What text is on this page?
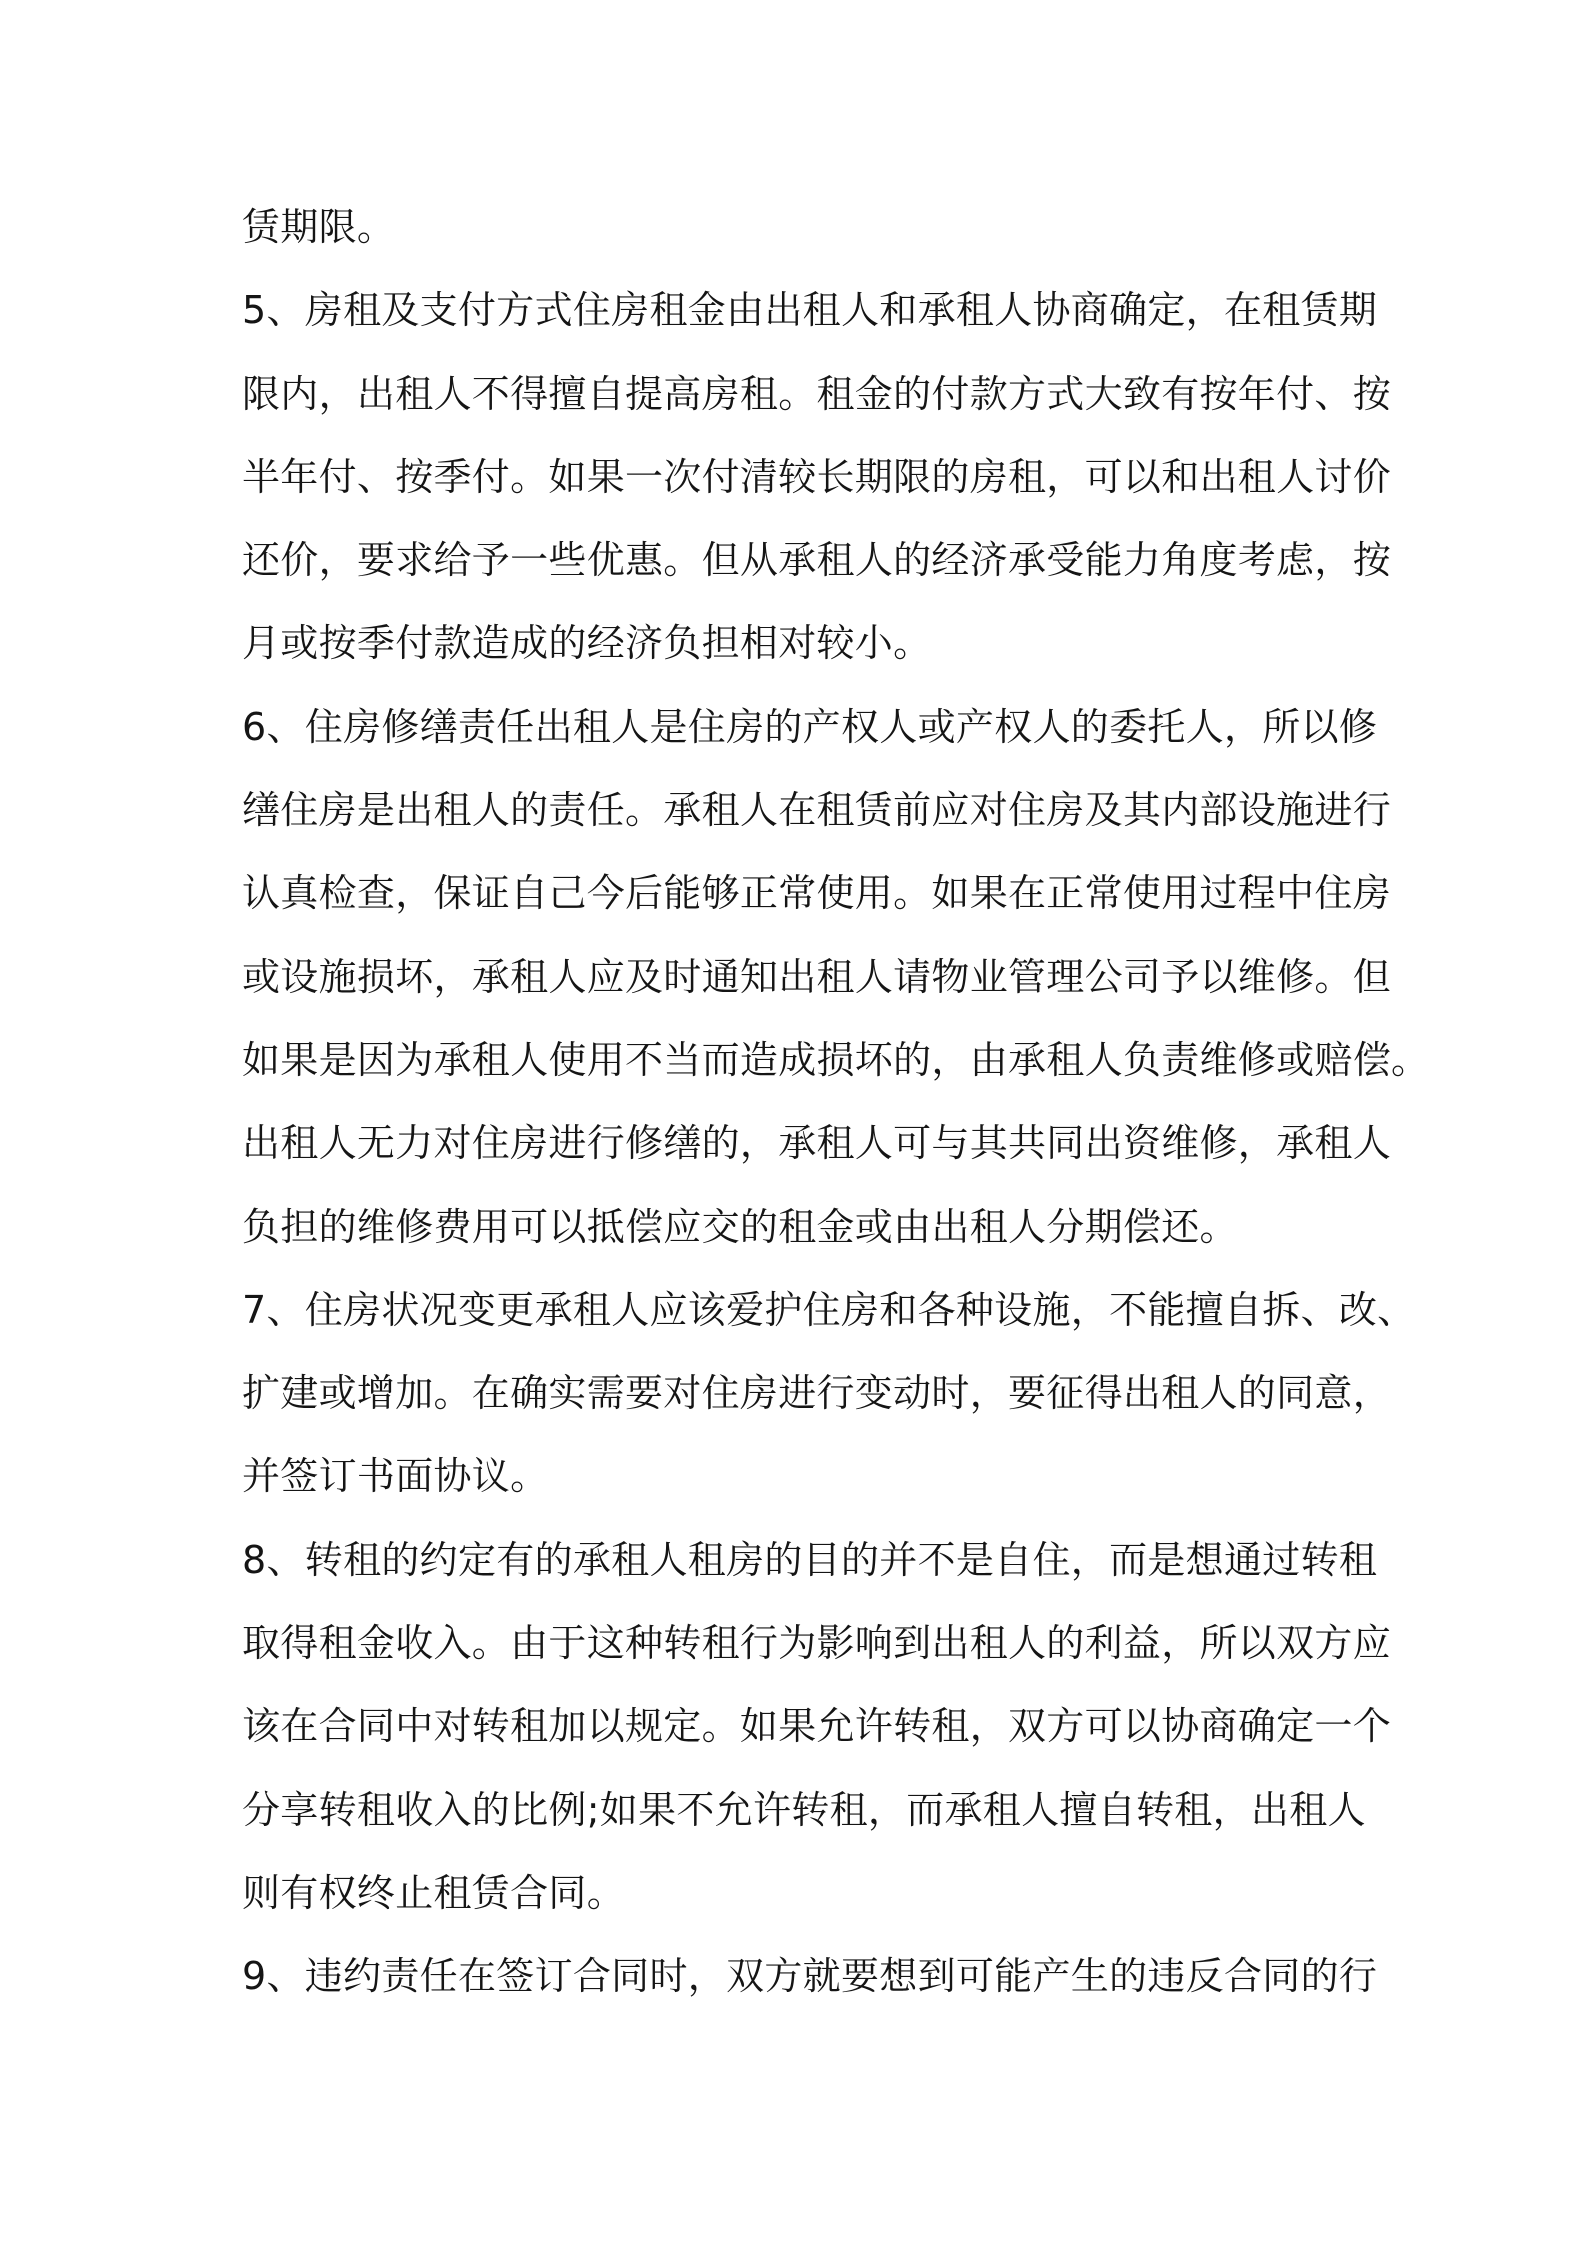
赁期限。
5、房租及支付方式住房租金由出租人和承租人协商确定，在租赁期
限内，出租人不得擅自提高房租。租金的付款方式大致有按年付、按
半年付、按季付。如果一次付清较长期限的房租，可以和出租人讨价
还价，要求给予一些优惠。但从承租人的经济承受能力角度考虑，按
月或按季付款造成的经济负担相对较小。
6、住房修缮责任出租人是住房的产权人或产权人的委托人，所以修
缮住房是出租人的责任。承租人在租赁前应对住房及其内部设施进行
认真检查，保证自己今后能够正常使用。如果在正常使用过程中住房
或设施损坏，承租人应及时通知出租人请物业管理公司予以维修。但
如果是因为承租人使用不当而造成损坏的，由承租人负责维修或赔偿。
出租人无力对住房进行修缮的，承租人可与其共同出资维修，承租人
负担的维修费用可以抵偿应交的租金或由出租人分期偿还。
7、住房状况变更承租人应该爱护住房和各种设施，不能擅自拆、改、
扩建或增加。在确实需要对住房进行变动时，要征得出租人的同意，
并签订书面协议。
8、转租的约定有的承租人租房的目的并不是自住，而是想通过转租
取得租金收入。由于这种转租行为影响到出租人的利益，所以双方应
该在合同中对转租加以规定。如果允许转租，双方可以协商确定一个
分享转租收入的比例;如果不允许转租，而承租人擅自转租，出租人
则有权终止租赁合同。
9、违约责任在签订合同时，双方就要想到可能产生的违反合同的行
